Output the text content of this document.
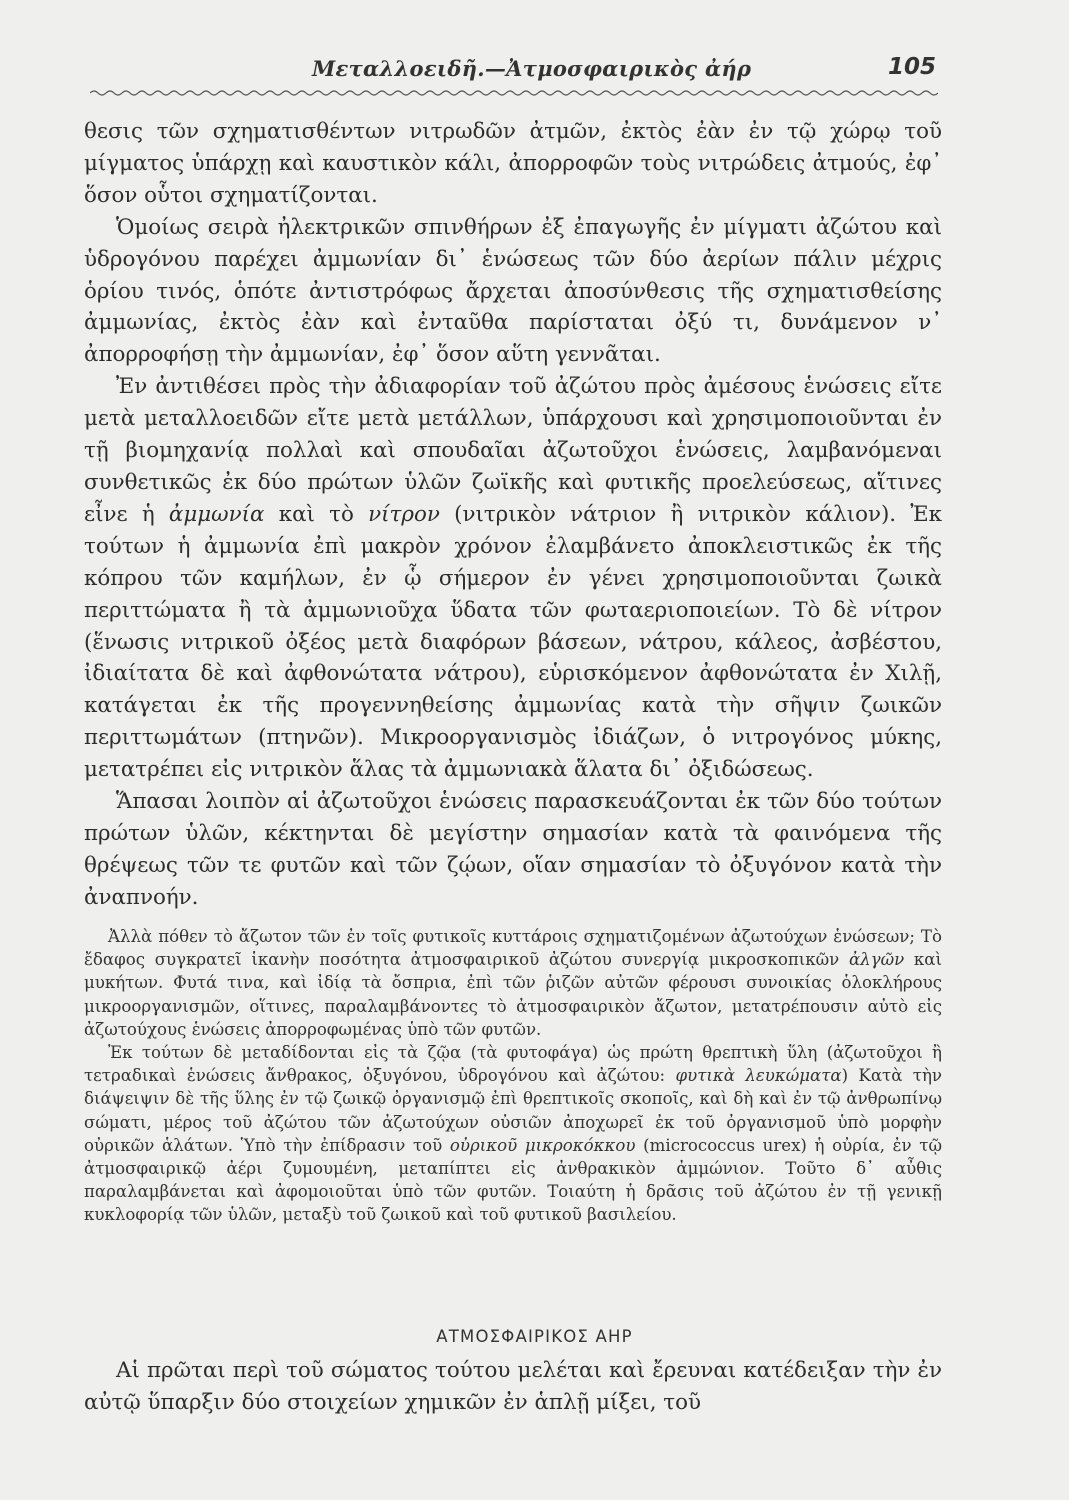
Μεταλλοειδῆ.—Ἀτμοσφαιρικὸς ἀήρ	105

θεσις τῶν σχηματισθέντων νιτρωδῶν ἀτμῶν, ἐκτὸς ἐὰν ἐν τῷ χώρῳ τοῦ μίγματος ὑπάρχῃ καὶ καυστικὸν κάλι, ἀπορροφῶν τοὺς νιτρώδεις ἀτμούς, ἐφ᾽ ὅσον οὗτοι σχηματίζονται.

Ὁμοίως σειρὰ ἠλεκτρικῶν σπινθήρων ἐξ ἐπαγωγῆς ἐν μίγματι ἀζώτου καὶ ὑδρογόνου παρέχει ἀμμωνίαν δι᾽ ἑνώσεως τῶν δύο ἀερίων πάλιν μέχρις ὁρίου τινός, ὁπότε ἀντιστρόφως ἄρχεται ἀποσύνθεσις τῆς σχηματισθείσης ἀμμωνίας, ἐκτὸς ἐὰν καὶ ἐνταῦθα παρίσταται ὀξύ τι, δυνάμενον ν᾽ ἀπορροφήσῃ τὴν ἀμμωνίαν, ἐφ᾽ ὅσον αὕτη γεννᾶται.

Ἐν ἀντιθέσει πρὸς τὴν ἀδιαφορίαν τοῦ ἀζώτου πρὸς ἀμέσους ἑνώσεις εἴτε μετὰ μεταλλοειδῶν εἴτε μετὰ μετάλλων, ὑπάρχουσι καὶ χρησιμοποιοῦνται ἐν τῇ βιομηχανίᾳ πολλαὶ καὶ σπουδαῖαι ἀζωτοῦχοι ἑνώσεις, λαμβανόμεναι συνθετικῶς ἐκ δύο πρώτων ὑλῶν ζωϊκῆς καὶ φυτικῆς προελεύσεως, αἵτινες εἶνε ἡ ἀμμωνία καὶ τὸ νίτρον (νιτρικὸν νάτριον ἢ νιτρικὸν κάλιον). Ἐκ τούτων ἡ ἀμμωνία ἐπὶ μακρὸν χρόνον ἐλαμβάνετο ἀποκλειστικῶς ἐκ τῆς κόπρου τῶν καμήλων, ἐν ᾧ σήμερον ἐν γένει χρησιμοποιοῦνται ζωικὰ περιττώματα ἢ τὰ ἀμμωνιοῦχα ὕδατα τῶν φωταεριοποιείων. Τὸ δὲ νίτρον (ἕνωσις νιτρικοῦ ὀξέος μετὰ διαφόρων βάσεων, νάτρου, κάλεος, ἀσβέστου, ἰδιαίτατα δὲ καὶ ἀφθονώτατα νάτρου), εὑρισκόμενον ἀφθονώτατα ἐν Χιλῇ, κατάγεται ἐκ τῆς προγεννηθείσης ἀμμωνίας κατὰ τὴν σῆψιν ζωικῶν περιττωμάτων (πτηνῶν). Μικροοργανισμὸς ἰδιάζων, ὁ νιτρογόνος μύκης, μετατρέπει εἰς νιτρικὸν ἅλας τὰ ἀμμωνιακὰ ἅλατα δι᾽ ὀξιδώσεως.

Ἅπασαι λοιπὸν αἱ ἀζωτοῦχοι ἑνώσεις παρασκευάζονται ἐκ τῶν δύο τούτων πρώτων ὑλῶν, κέκτηνται δὲ μεγίστην σημασίαν κατὰ τὰ φαινόμενα τῆς θρέψεως τῶν τε φυτῶν καὶ τῶν ζῴων, οἵαν σημασίαν τὸ ὀξυγόνον κατὰ τὴν ἀναπνοήν.

Ἀλλὰ πόθεν τὸ ἄζωτον τῶν ἐν τοῖς φυτικοῖς κυττάροις σχηματιζομένων ἀζωτούχων ἑνώσεων; Τὸ ἔδαφος συγκρατεῖ ἱκανὴν ποσότητα ἀτμοσφαιρικοῦ ἀζώτου συνεργίᾳ μικροσκοπικῶν ἀλγῶν καὶ μυκήτων. Φυτά τινα, καὶ ἰδίᾳ τὰ ὄσπρια, ἐπὶ τῶν ῥιζῶν αὐτῶν φέρουσι συνοικίας ὁλοκλήρους μικροοργανισμῶν, οἵτινες, παραλαμβάνοντες τὸ ἀτμοσφαιρικὸν ἄζωτον, μετατρέπουσιν αὐτὸ εἰς ἀζωτούχους ἑνώσεις ἀπορροφωμένας ὑπὸ τῶν φυτῶν.

Ἐκ τούτων δὲ μεταδίδονται εἰς τὰ ζῷα (τὰ φυτοφάγα) ὡς πρώτη θρεπτικὴ ὕλη (ἀζωτοῦχοι ἢ τετραδικαὶ ἑνώσεις ἄνθρακος, ὀξυγόνου, ὑδρογόνου καὶ ἀζώτου: φυτικὰ λευκώματα) Κατὰ τὴν διάψειψιν δὲ τῆς ὕλης ἐν τῷ ζωικῷ ὀργανισμῷ ἐπὶ θρεπτικοῖς σκοποῖς, καὶ δὴ καὶ ἐν τῷ ἀνθρωπίνῳ σώματι, μέρος τοῦ ἀζώτου τῶν ἀζωτούχων οὐσιῶν ἀποχωρεῖ ἐκ τοῦ ὀργανισμοῦ ὑπὸ μορφὴν οὐρικῶν ἁλάτων. Ὑπὸ τὴν ἐπίδρασιν τοῦ οὐρικοῦ μικροκόκκου (micrococcus urex) ἡ οὐρία, ἐν τῷ ἀτμοσφαιρικῷ ἀέρι ζυμουμένη, μεταπίπτει εἰς ἀνθρακικὸν ἀμμώνιον. Τοῦτο δ᾽ αὖθις παραλαμβάνεται καὶ ἀφομοιοῦται ὑπὸ τῶν φυτῶν. Τοιαύτη ἡ δρᾶσις τοῦ ἀζώτου ἐν τῇ γενικῇ κυκλοφορίᾳ τῶν ὑλῶν, μεταξὺ τοῦ ζωικοῦ καὶ τοῦ φυτικοῦ βασιλείου.

ΑΤΜΟΣΦΑΙΡΙΚΟΣ ΑΗΡ

Αἱ πρῶται περὶ τοῦ σώματος τούτου μελέται καὶ ἔρευναι κατέδειξαν τὴν ἐν αὐτῷ ὕπαρξιν δύο στοιχείων χημικῶν ἐν ἁπλῇ μίξει, τοῦ
